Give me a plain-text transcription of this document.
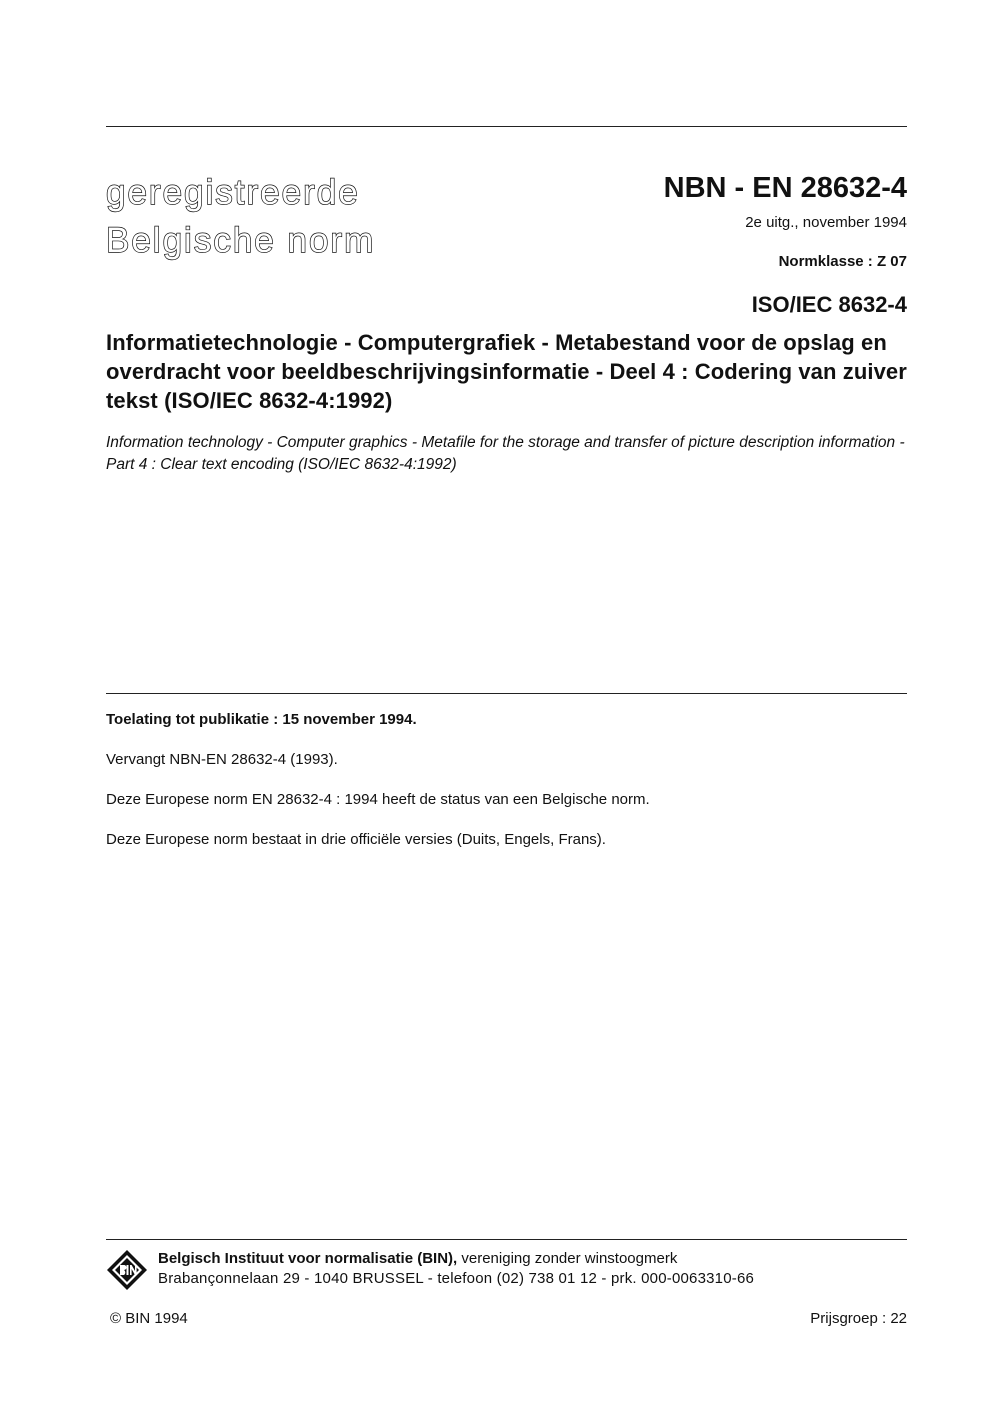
geregistreerde
Belgische norm
NBN - EN 28632-4
2e uitg., november 1994
Normklasse : Z 07
ISO/IEC 8632-4
Informatietechnologie - Computergrafiek - Metabestand voor de opslag en overdracht voor beeldbeschrijvingsinformatie - Deel 4 : Codering van zuiver tekst (ISO/IEC 8632-4:1992)
Information technology - Computer graphics - Metafile for the storage and transfer of picture description information - Part 4 : Clear text encoding (ISO/IEC 8632-4:1992)
Toelating tot publikatie : 15 november 1994.
Vervangt NBN-EN 28632-4 (1993).
Deze Europese norm EN 28632-4 : 1994 heeft de status van een Belgische norm.
Deze Europese norm bestaat in drie officiële versies (Duits, Engels, Frans).
Belgisch Instituut voor normalisatie (BIN), vereniging zonder winstoogmerk
Brabançonnelaan 29 - 1040 BRUSSEL - telefoon (02) 738 01 12 - prk. 000-0063310-66
© BIN 1994	Prijsgroep : 22
